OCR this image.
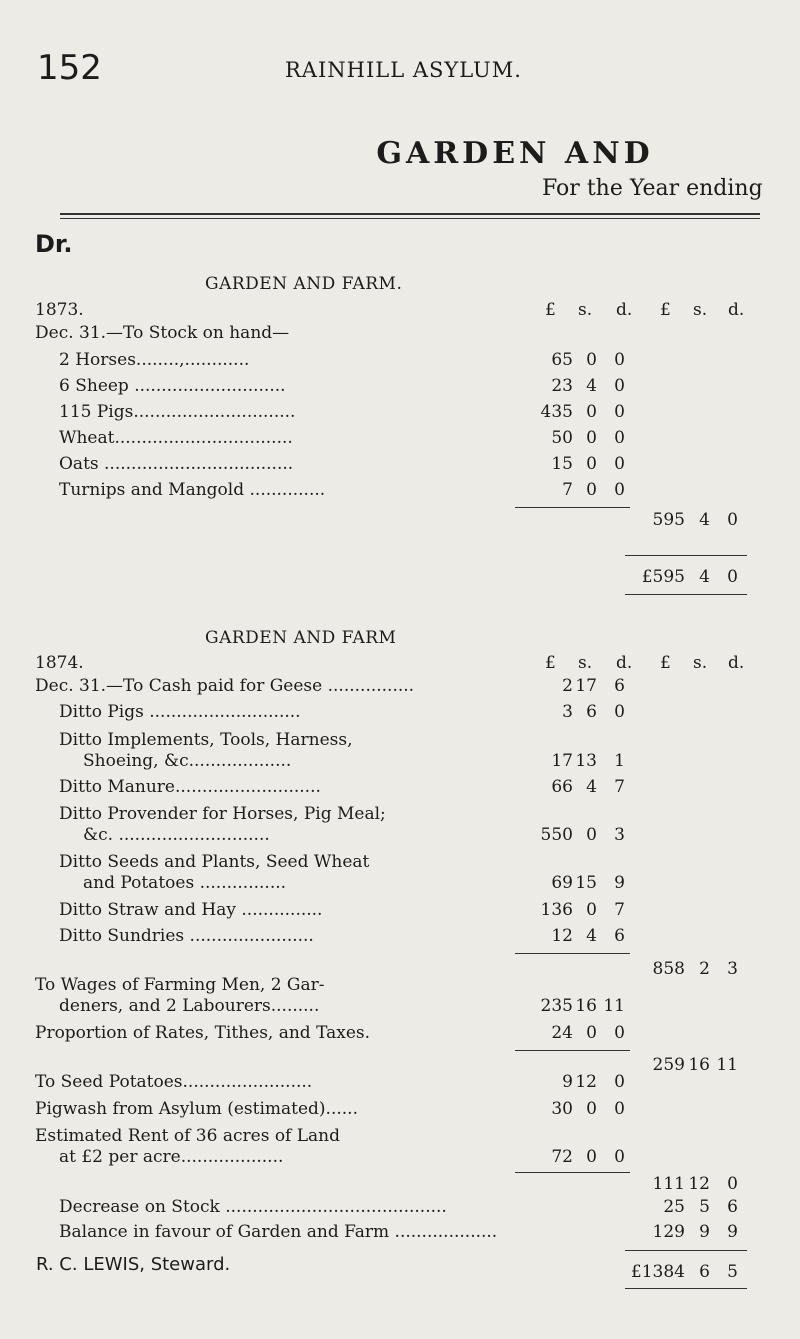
152	RAINHILL ASYLUM.
GARDEN AND
For the Year ending
Dr.
GARDEN AND FARM.
1873.
Dec. 31.—To Stock on hand—
£ s. d. £ s. d.
2 Horses........,............	65 0	0
6 Sheep ............................	23 4	0
115 Pigs..............................	435 0	0
Wheat.................................	50 0	0
Oats ...................................	15 0	0
Turnips and Mangold ..............	7 0	0
595 4	0
£595 4	0
GARDEN AND FARM
1874.	£ s. d. £ s. d.
Dec. 31.—To Cash paid for Geese ................	2 17	6
Ditto Pigs ............................	3 6	0
Ditto Implements, Tools, Harness,
Shoeing, &c...................	17 13	1
Ditto Manure...........................	66 4	7
Ditto Provender for Horses, Pig Meal;
&c. ............................	550 0	3
Ditto Seeds and Plants, Seed Wheat
and Potatoes ................	69 15	9
Ditto Straw and Hay ...............	136 0	7
Ditto Sundries .......................	12 4	6
858 2	3
To Wages of Farming Men, 2 Gar-
deners, and 2 Labourers.........	235 16 11
Proportion of Rates, Tithes, and Taxes.	24 0	0
259 16 11
To Seed Potatoes........................	9 12	0
Pigwash from Asylum (estimated)......	30 0	0
Estimated Rent of 36 acres of Land
at £2 per acre...................	72 0	0
111 12	0
Decrease on Stock .........................................	25 5	6
Balance in favour of Garden and Farm ...................	129 9	9
£1384 6	5
R. C. LEWIS, Steward.
